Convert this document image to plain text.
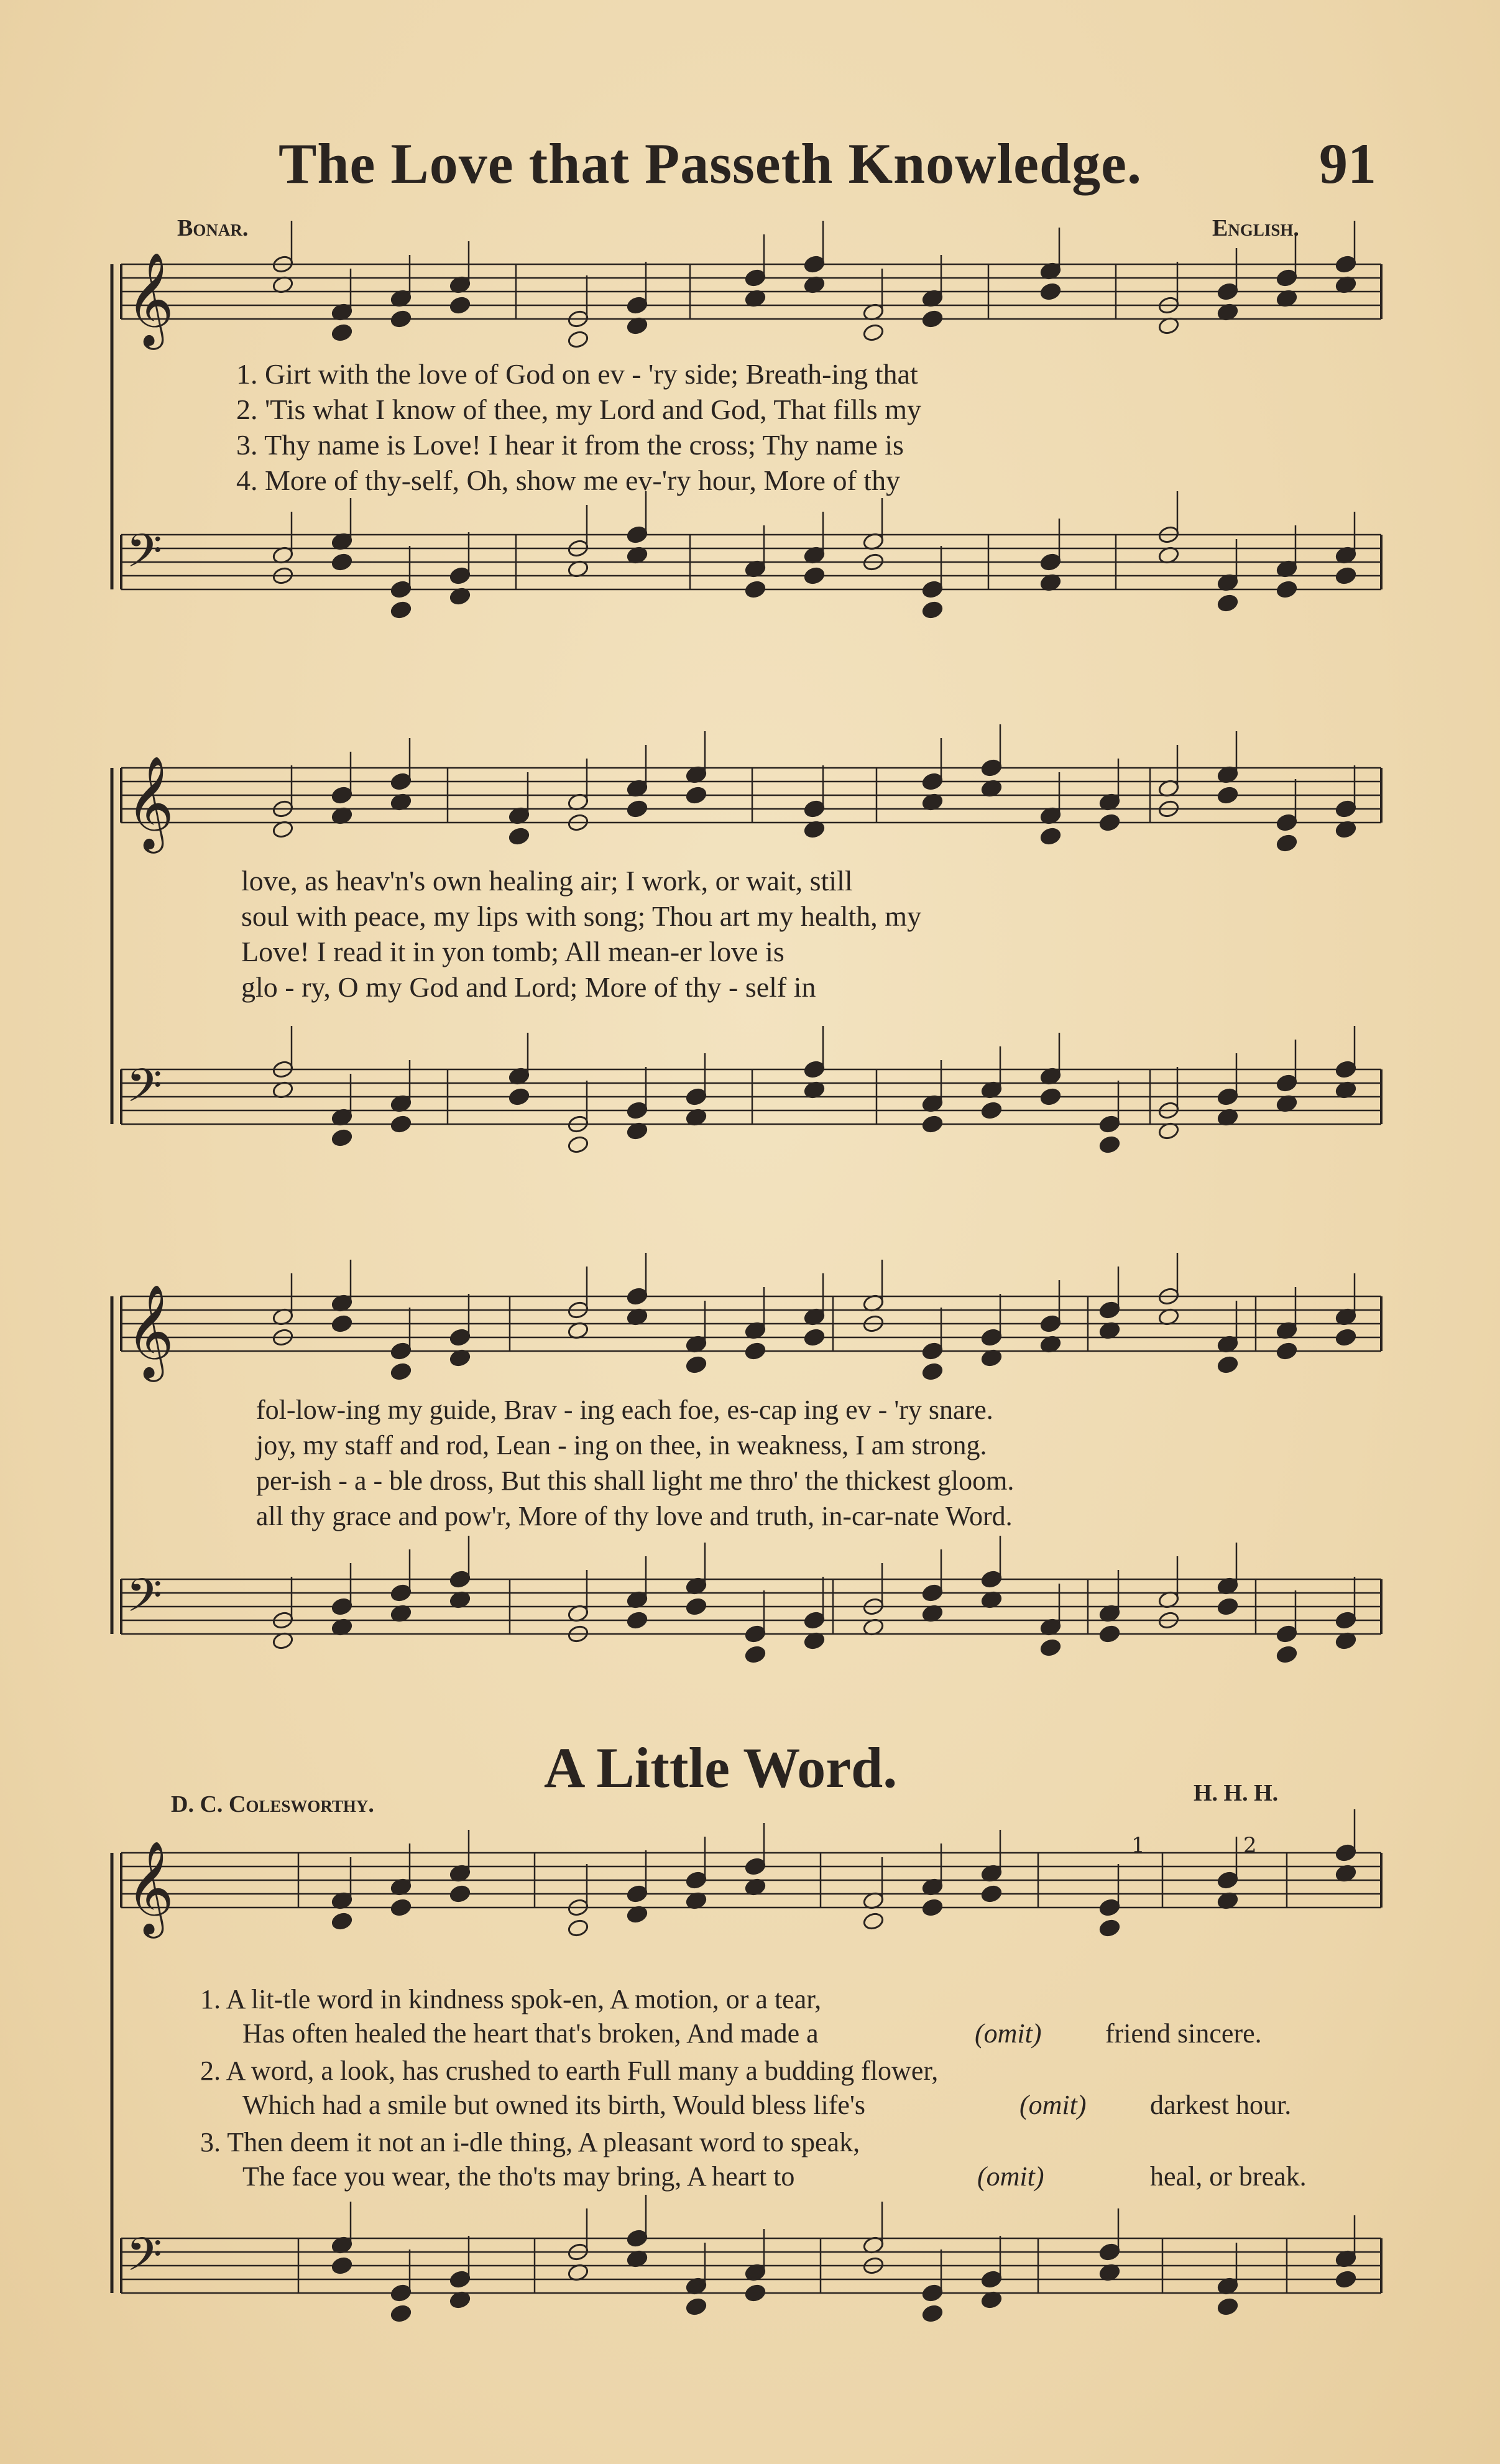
𝄞
𝄢
𝄞
𝄢
𝄞
𝄢
𝄞
𝄢
The Love that Passeth Knowledge.	91
Bonar.	English.
1. Girt with the love of God on ev - 'ry side; Breath-ing that
2. 'Tis what I know of thee, my Lord and God, That fills my
3. Thy name is Love! I hear it from the cross; Thy name is
4. More of thy-self, Oh, show me ev-'ry hour, More of thy
love, as heav'n's own healing air; I work, or wait, still
soul with peace, my lips with song; Thou art my health, my
Love! I read it in yon tomb; All mean-er love is
glo - ry, O my God and Lord; More of thy - self in
fol-low-ing my guide, Brav - ing each foe, es-cap ing ev - 'ry snare.
joy, my staff and rod, Lean - ing on thee, in weakness, I am strong.
per-ish - a - ble dross, But this shall light me thro' the thickest gloom.
all thy grace and pow'r, More of thy love and truth, in-car-nate Word.
A Little Word.
D. C. Colesworthy.	H. H. H.
1	2
1. A lit-tle word in kindness spok-en, A motion, or a tear,
Has often healed the heart that's broken, And made a	(omit) friend sincere.
2. A word, a look, has crushed to earth Full many a budding flower,
Which had a smile but owned its birth, Would bless life's	(omit) darkest hour.
3. Then deem it not an i-dle thing, A pleasant word to speak,
The face you wear, the tho'ts may bring, A heart to	(omit)	heal, or break.
